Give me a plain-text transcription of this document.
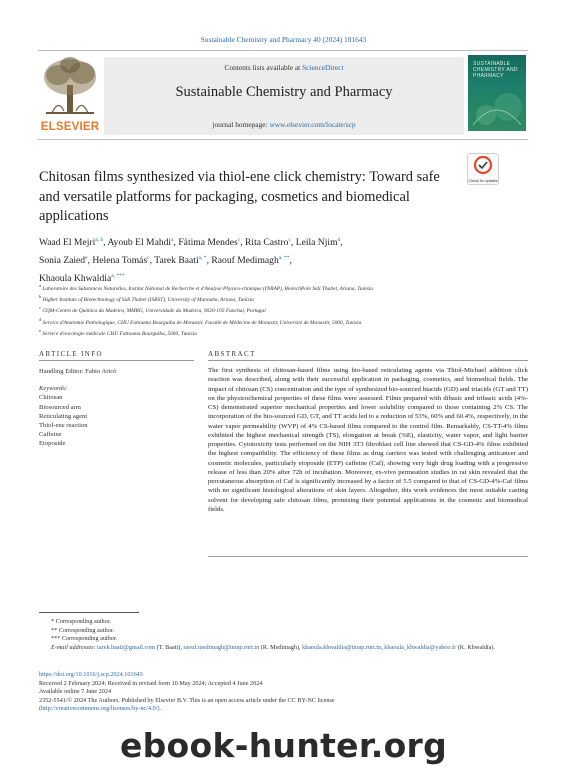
Sustainable Chemistry and Pharmacy 40 (2024) 101643
ELSEVIER
Contents lists available at ScienceDirect
Sustainable Chemistry and Pharmacy
journal homepage: www.elsevier.com/locate/scp
SUSTAINABLE CHEMISTRY AND PHARMACY
Chitosan films synthesized via thiol-ene click chemistry: Toward safe and versatile platforms for packaging, cosmetics and biomedical applications
Check for updates
Waad El Mejri$^{a, b}$, Ayoub El Mahdi$^a$, Fátima Mendes$^c$, Rita Castro$^c$, Leila Njim$^d$,
Sonia Zaied$^e$, Helena Tomás$^c$, Tarek Baati$^{a, *}$, Raouf Medimagh$^{a, **}$,
Khaoula Khwaldia$^{a, ***}$
$^a$ Laboratoire des Substances Naturelles, Institut National de Recherche et d'Analyse Physico-chimique (INRAP), BiotechPole Sidi Thabet, Ariana, Tunisia
$^b$ Higher Institute of Biotechnology of Sidi Thabet (ISBST), University of Manouba, Ariana, Tunisia
$^c$ CQM-Centro de Química da Madeira, MMRG, Universidade da Madeira, 9020-105 Funchal, Portugal
$^d$ Service d'Anatomie Pathologique, CHU Fattouma Bourguiba de Monastir, Faculté de Médecine de Monastir, Université de Monastir, 5000, Tunisia
$^e$ Service d'oncologie médicale CHU Fattouma Bourguiba, 5000, Tunisia
ARTICLE INFO	ABSTRACT
Handling Editor: Fabio Aricò
Keywords:
Chitosan
Biosourced arm
Reticulating agent
Thiol-ene reaction
Caffeine
Etoposide
The first synthesis of chitosan-based films using bio-based reticulating agents via Thiol-Michael addition click reaction was described, along with their successful application in packaging, cosmetics, and biomedical fields. The impact of chitosan (CS) concentration and the type of synthesized bio-sourced biacids (GD) and triacids (GT and TT) on the physicochemical properties of these films were assessed. Films prepared with dibasic and tribasic acids (4%-CS) demonstrated superior mechanical properties and lower solubility compared to those containing 2% CS. The incorporation of the bio-sourced GD, GT, and TT acids led to a reduction of 53%, 60% and 60.4%, respectively, in the water vapor permeability (WVP) of 4% CS-based films compared to the control film. Remarkably, CS-TT-4% films exhibited the highest mechanical strength (TS), elongation at break (%E), elasticity, water vapor, and light barrier properties. Cytotoxicity tests performed on the NIH 3T3 fibroblast cell line showed that CS-GD-4% films exhibited the highest compatibility. The efficiency of these films as drug carriers was tested with challenging anticancer and cosmetic molecules, particularly etoposide (ETP) caffeine (Caf), showing very high drug loading with a progressive release of less than 20% after 72h of incubation. Moreover, ex-vivo permeation studies in rat skin revealed that the percutaneous absorption of Caf is significantly increased by a factor of 5.5 compared to that of CS-GD-4%-Caf films with no significant histological alterations of skin layers. Altogether, this work evidences the most suitable casting solvent for developing safe chitosan films, promising their potential applications in the cosmetic and biomedical fields.
* Corresponding author.
** Corresponding author.
*** Corresponding author.
E-mail addresses: tarek.baati@gmail.com (T. Baati), raouf.medimagh@inrap.rnrt.tn (R. Medimagh), khaoula.khwaldia@inrap.rnrt.tn, khaoula_khwaldia@yahoo.fr (K. Khwaldia).
https://doi.org/10.1016/j.scp.2024.101643
Received 2 February 2024; Received in revised form 10 May 2024; Accepted 4 June 2024
Available online 7 June 2024
2352-5541/© 2024 The Authors. Published by Elsevier B.V. This is an open access article under the CC BY-NC license
(http://creativecommons.org/licenses/by-nc/4.0/).
ebook-hunter.org
